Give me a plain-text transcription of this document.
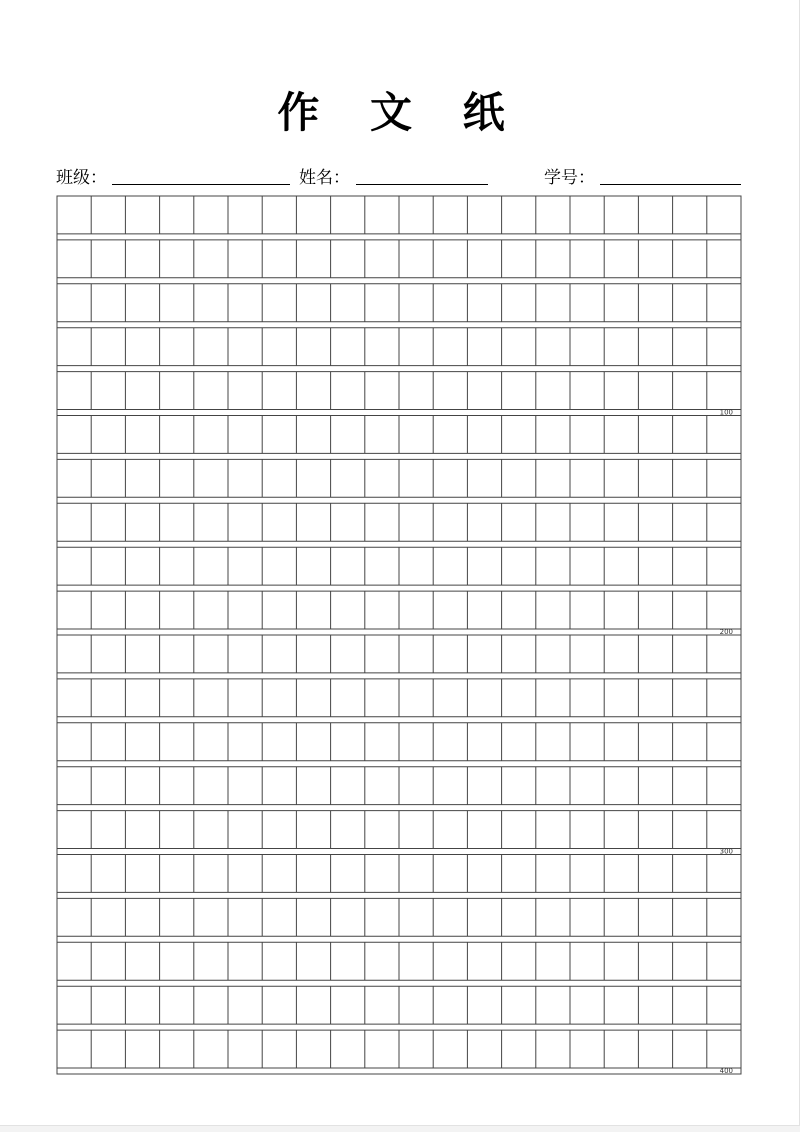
作 文 纸
班级：	姓名：	学号：
100
200
300
400
